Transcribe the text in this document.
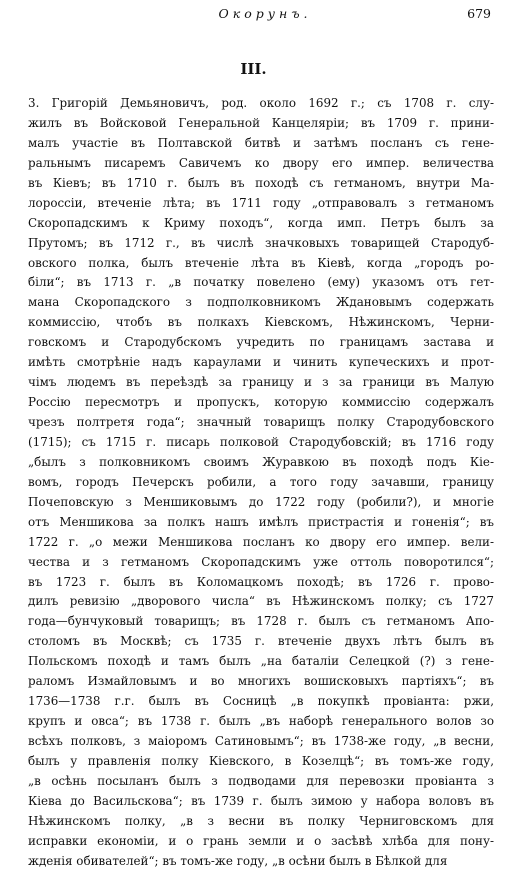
Окорунъ.	679
III.
3. Григорій Демьяновичъ, род. около 1692 г.; съ 1708 г. слу-
жилъ въ Войсковой Генеральной Канцеляріи; въ 1709 г. прини-
малъ участіе въ Полтавской битвѣ и затѣмъ посланъ съ гене-
ральнымъ писаремъ Савичемъ ко двору его импер. величества
въ Кіевъ; въ 1710 г. былъ въ походѣ съ гетманомъ, внутри Ма-
лороссіи, втеченіе лѣта; въ 1711 году „отправовалъ з гетманомъ
Скоропадскимъ к Криму походъ“, когда имп. Петръ былъ за
Прутомъ; въ 1712 г., въ числѣ значковыхъ товарищей Стародуб-
овского полка, былъ втеченіе лѣта въ Кіевѣ, когда „городъ ро-
біли“; въ 1713 г. „в початку повелено (ему) указомъ отъ гет-
мана Скоропадского з подполковникомъ Ждановымъ содержать
коммиссію, чтобъ въ полкахъ Кіевскомъ, Нѣжинскомъ, Черни-
говскомъ и Стародубскомъ учредить по границамъ застава и
имѣть смотрѣніе надъ караулами и чинить купеческихъ и прот-
чімъ людемъ въ переѣздѣ за границу и з за граници въ Малую
Россію пересмотръ и пропускъ, которую коммиссію содержалъ
чрезъ полтретя года“; значный товарищъ полку Стародубовского
(1715); съ 1715 г. писарь полковой Стародубовскій; въ 1716 году
„былъ з полковникомъ своимъ Журавкою въ походѣ подъ Кіе-
вомъ, городъ Печерскъ робили, а того году зачавши, границу
Почеповскую з Меншиковымъ до 1722 году (робили?), и многіе
отъ Меншикова за полкъ нашъ имѣлъ пристрастія и гоненія“; въ
1722 г. „о межи Меншикова посланъ ко двору его импер. вели-
чества и з гетманомъ Скоропадскимъ уже оттоль поворотился“;
въ 1723 г. былъ въ Коломацкомъ походѣ; въ 1726 г. прово-
дилъ ревизію „дворового числа“ въ Нѣжинскомъ полку; съ 1727
года—бунчуковый товарищъ; въ 1728 г. былъ съ гетманомъ Апо-
столомъ въ Москвѣ; съ 1735 г. втеченіе двухъ лѣтъ былъ въ
Польскомъ походѣ и тамъ былъ „на баталіи Селецкой (?) з гене-
раломъ Измайловымъ и во многихъ вошисковыхъ партіяхъ“; въ
1736—1738 г.г. былъ въ Сосницѣ „в покупкѣ провіанта: ржи,
крупъ и овса“; въ 1738 г. былъ „въ наборѣ генерального волов зо
всѣхъ полковъ, з маіоромъ Сатиновымъ“; въ 1738-же году, „в весни,
былъ у правленія полку Кіевского, в Козелцѣ“; въ томъ-же году,
„в осѣнь посыланъ былъ з подводами для перевозки провіанта з
Кіева до Васильскова“; въ 1739 г. былъ зимою у набора воловъ въ
Нѣжинскомъ полку, „в з весни въ полку Черниговскомъ для
исправки економіи, и о грань земли и о засѣвѣ хлѣба для пону-
жденія обивателей“; въ томъ-же году, „в осѣни былъ в Бѣлкой для
